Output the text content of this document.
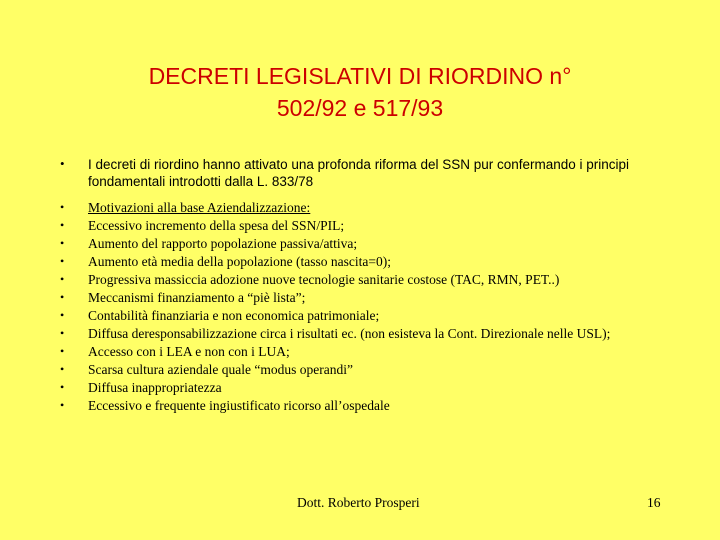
DECRETI LEGISLATIVI DI RIORDINO n°
502/92 e 517/93
• I decreti di riordino hanno attivato una profonda riforma del SSN pur confermando i principi fondamentali introdotti dalla L. 833/78
• Motivazioni alla base Aziendalizzazione:
• Eccessivo incremento della spesa del SSN/PIL;
• Aumento del rapporto popolazione passiva/attiva;
• Aumento età media della popolazione (tasso nascita=0);
• Progressiva massiccia adozione nuove tecnologie sanitarie costose (TAC, RMN, PET..)
• Meccanismi finanziamento a “piè lista”;
• Contabilità finanziaria e non economica patrimoniale;
• Diffusa deresponsabilizzazione circa i risultati ec. (non esisteva la Cont. Direzionale nelle USL);
• Accesso con i LEA e non con i LUA;
• Scarsa cultura aziendale quale “modus operandi”
• Diffusa inappropriatezza
• Eccessivo e frequente ingiustificato ricorso all’ospedale
Dott. Roberto Prosperi	16
